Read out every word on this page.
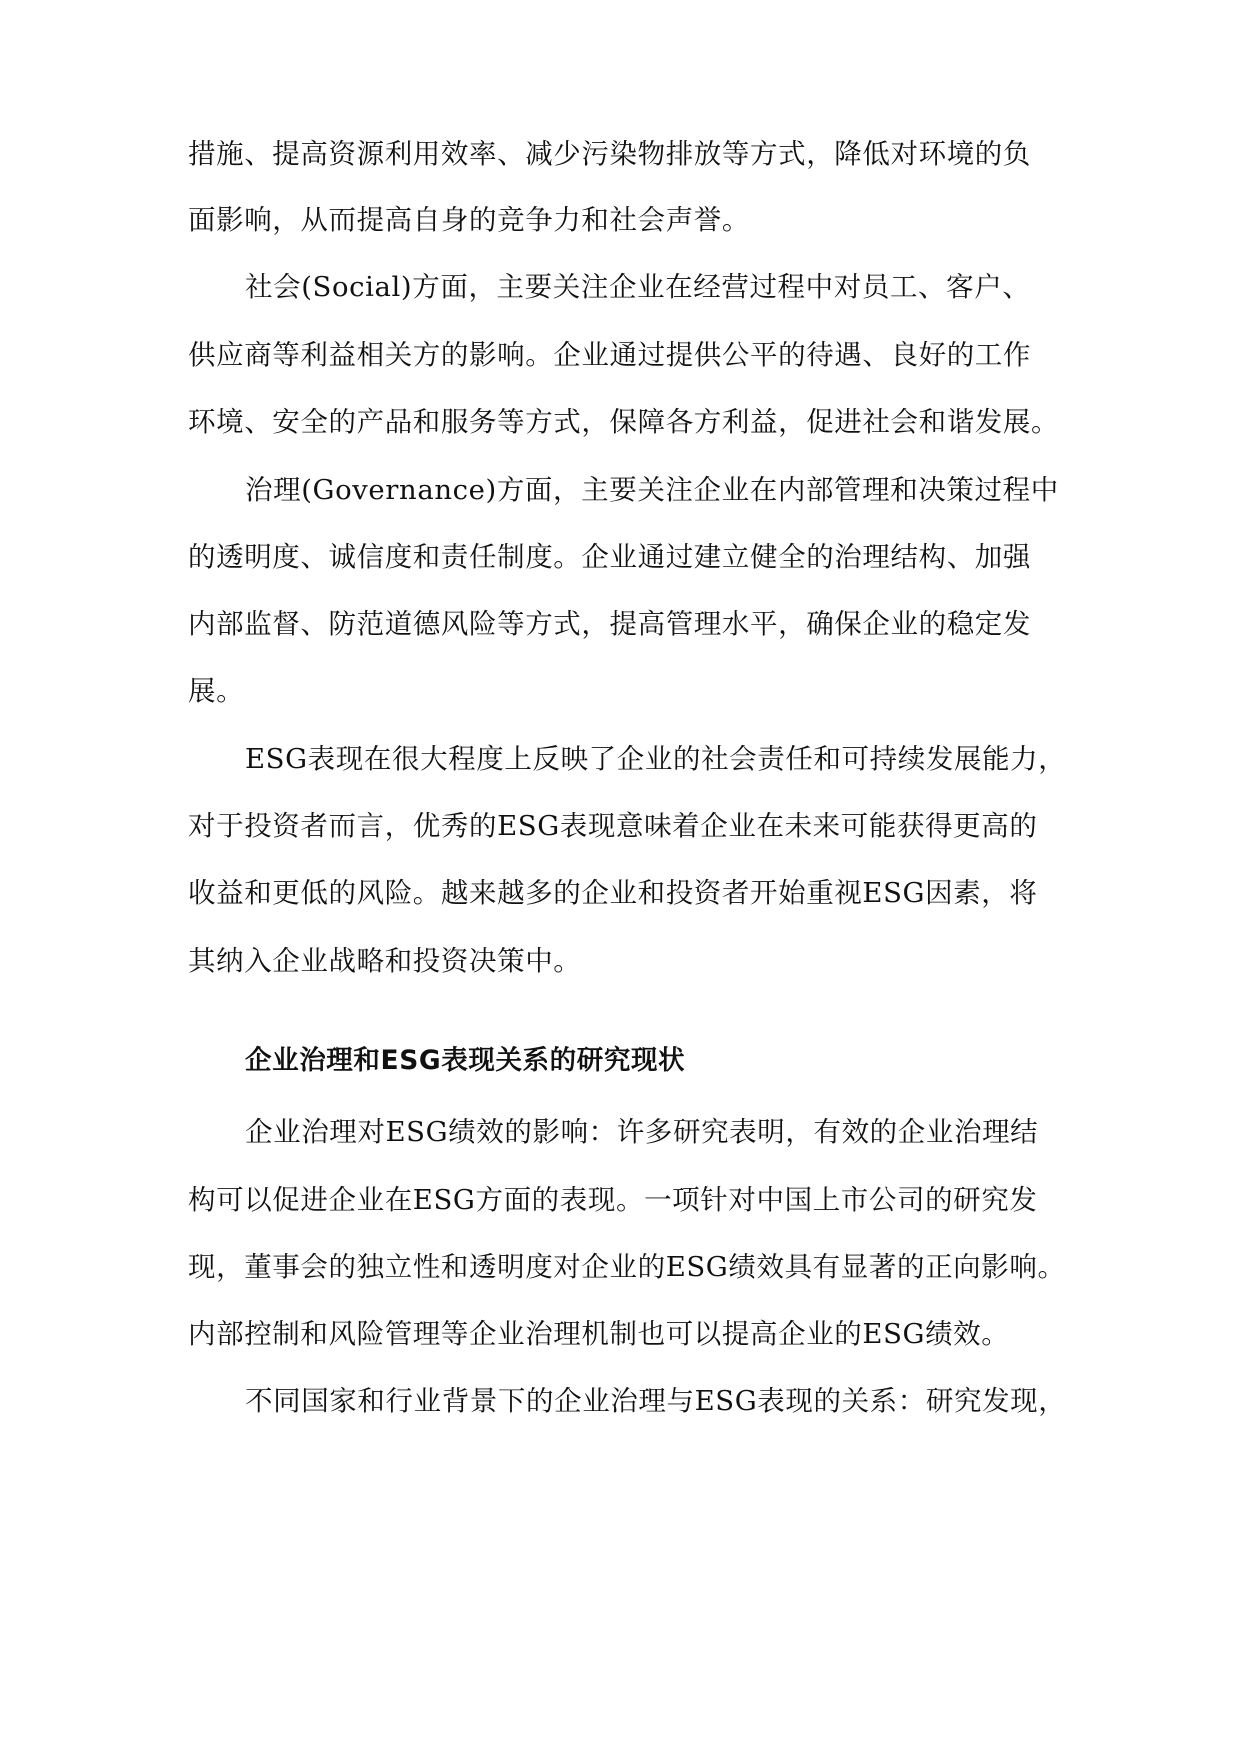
措施、提高资源利用效率、减少污染物排放等方式，降低对环境的负
面影响，从而提高自身的竞争力和社会声誉。
社会(Social)方面，主要关注企业在经营过程中对员工、客户、
供应商等利益相关方的影响。企业通过提供公平的待遇、良好的工作
环境、安全的产品和服务等方式，保障各方利益，促进社会和谐发展。
治理(Governance)方面，主要关注企业在内部管理和决策过程中
的透明度、诚信度和责任制度。企业通过建立健全的治理结构、加强
内部监督、防范道德风险等方式，提高管理水平，确保企业的稳定发
展。
ESG表现在很大程度上反映了企业的社会责任和可持续发展能力，
对于投资者而言，优秀的ESG表现意味着企业在未来可能获得更高的
收益和更低的风险。越来越多的企业和投资者开始重视ESG因素，将
其纳入企业战略和投资决策中。
企业治理和ESG表现关系的研究现状
企业治理对ESG绩效的影响：许多研究表明，有效的企业治理结
构可以促进企业在ESG方面的表现。一项针对中国上市公司的研究发
现，董事会的独立性和透明度对企业的ESG绩效具有显著的正向影响。
内部控制和风险管理等企业治理机制也可以提高企业的ESG绩效。
不同国家和行业背景下的企业治理与ESG表现的关系：研究发现，
